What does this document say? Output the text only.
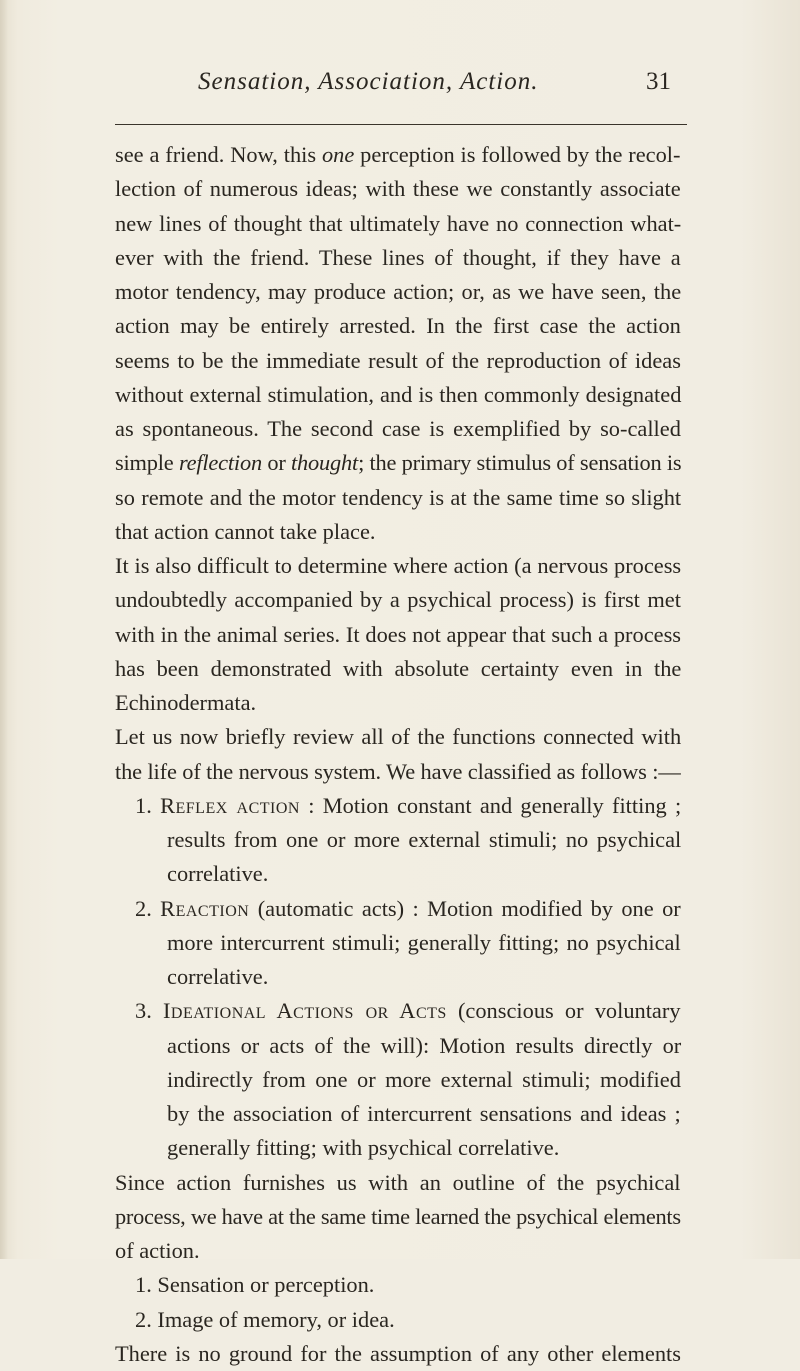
Sensation, Association, Action.	31
see a friend. Now, this one perception is followed by the recol-
lection of numerous ideas; with these we constantly associate
new lines of thought that ultimately have no connection what-
ever with the friend. These lines of thought, if they have a
motor tendency, may produce action; or, as we have seen, the
action may be entirely arrested. In the first case the action
seems to be the immediate result of the reproduction of ideas
without external stimulation, and is then commonly designated
as spontaneous. The second case is exemplified by so-called
simple reflection or thought; the primary stimulus of sensation is
so remote and the motor tendency is at the same time so slight
that action cannot take place.
It is also difficult to determine where action (a nervous process
undoubtedly accompanied by a psychical process) is first met
with in the animal series. It does not appear that such a process
has been demonstrated with absolute certainty even in the
Echinodermata.
Let us now briefly review all of the functions connected with
the life of the nervous system. We have classified as follows :—
1. Reflex action : Motion constant and generally fitting ;
results from one or more external stimuli; no psychical
correlative.
2. Reaction (automatic acts) : Motion modified by one or
more intercurrent stimuli; generally fitting; no psychical
correlative.
3. Ideational Actions or Acts (conscious or voluntary
actions or acts of the will): Motion results directly or
indirectly from one or more external stimuli; modified
by the association of intercurrent sensations and ideas ;
generally fitting; with psychical correlative.
Since action furnishes us with an outline of the psychical
process, we have at the same time learned the psychical elements
of action.
1. Sensation or perception.
2. Image of memory, or idea.
There is no ground for the assumption of any other elements
